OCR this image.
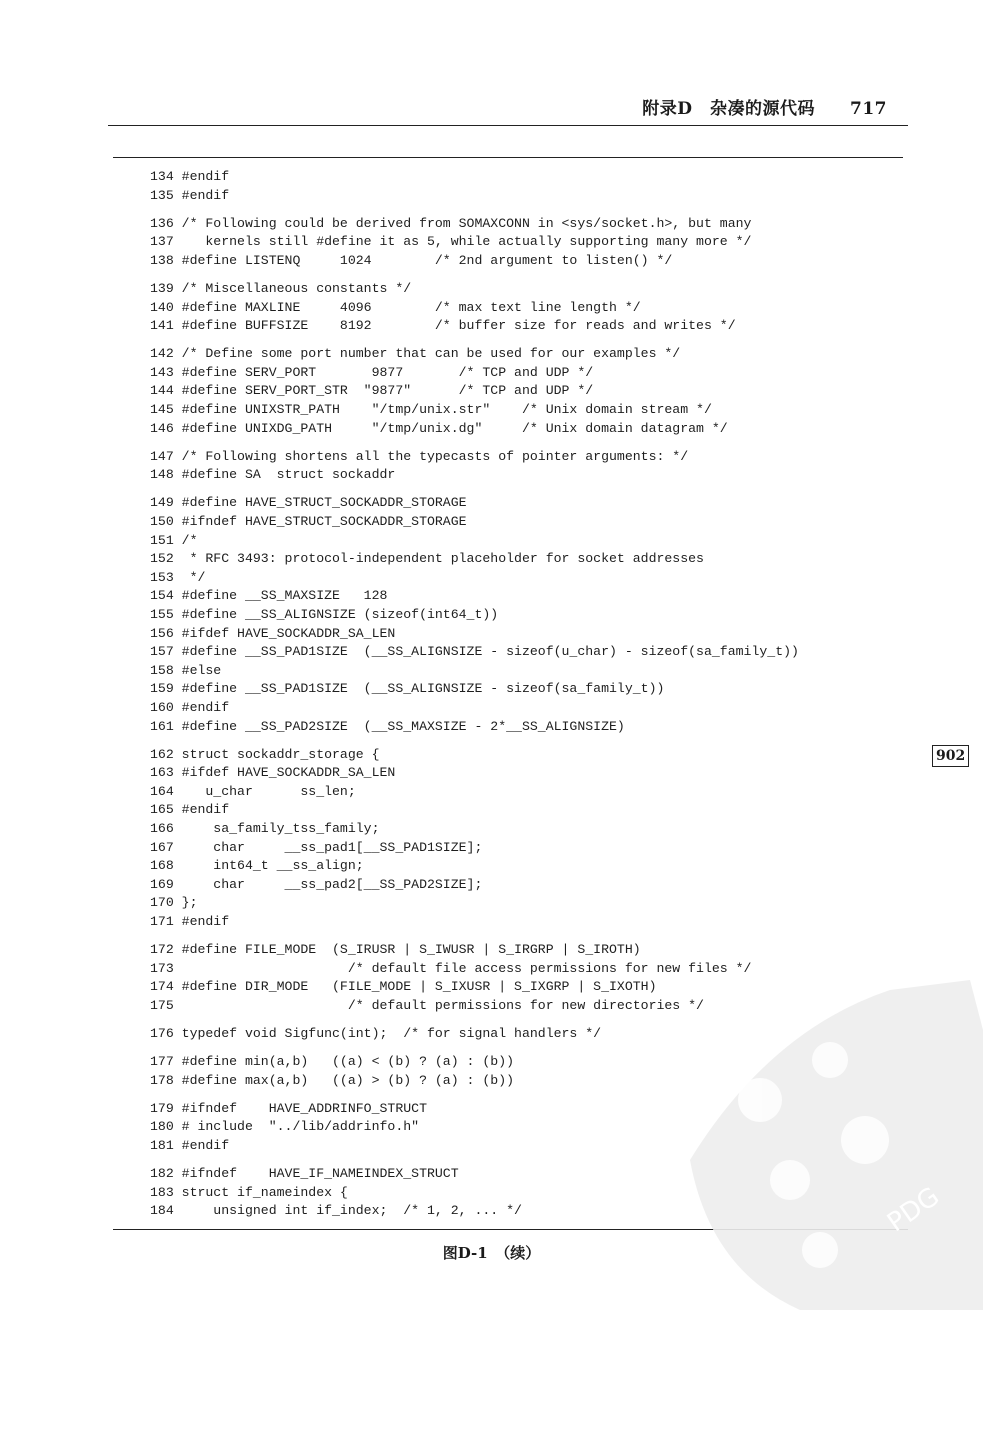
附录D　杂凑的源代码　　717
134 #endif
135 #endif
136 /* Following could be derived from SOMAXCONN in <sys/socket.h>, but many
137    kernels still #define it as 5, while actually supporting many more */
138 #define LISTENQ     1024        /* 2nd argument to listen() */
139 /* Miscellaneous constants */
140 #define MAXLINE     4096        /* max text line length */
141 #define BUFFSIZE    8192        /* buffer size for reads and writes */
142 /* Define some port number that can be used for our examples */
143 #define SERV_PORT       9877       /* TCP and UDP */
144 #define SERV_PORT_STR  "9877"      /* TCP and UDP */
145 #define UNIXSTR_PATH    "/tmp/unix.str"    /* Unix domain stream */
146 #define UNIXDG_PATH     "/tmp/unix.dg"     /* Unix domain datagram */
147 /* Following shortens all the typecasts of pointer arguments: */
148 #define SA  struct sockaddr
149 #define HAVE_STRUCT_SOCKADDR_STORAGE
150 #ifndef HAVE_STRUCT_SOCKADDR_STORAGE
151 /*
152  * RFC 3493: protocol-independent placeholder for socket addresses
153  */
154 #define __SS_MAXSIZE   128
155 #define __SS_ALIGNSIZE (sizeof(int64_t))
156 #ifdef HAVE_SOCKADDR_SA_LEN
157 #define __SS_PAD1SIZE  (__SS_ALIGNSIZE - sizeof(u_char) - sizeof(sa_family_t))
158 #else
159 #define __SS_PAD1SIZE  (__SS_ALIGNSIZE - sizeof(sa_family_t))
160 #endif
161 #define __SS_PAD2SIZE  (__SS_MAXSIZE - 2*__SS_ALIGNSIZE)
162 struct sockaddr_storage {
163 #ifdef HAVE_SOCKADDR_SA_LEN
164    u_char      ss_len;
165 #endif
166     sa_family_tss_family;
167     char     __ss_pad1[__SS_PAD1SIZE];
168     int64_t __ss_align;
169     char     __ss_pad2[__SS_PAD2SIZE];
170 };
171 #endif
172 #define FILE_MODE  (S_IRUSR | S_IWUSR | S_IRGRP | S_IROTH)
173                      /* default file access permissions for new files */
174 #define DIR_MODE   (FILE_MODE | S_IXUSR | S_IXGRP | S_IXOTH)
175                      /* default permissions for new directories */
176 typedef void Sigfunc(int);  /* for signal handlers */
177 #define min(a,b)   ((a) < (b) ? (a) : (b))
178 #define max(a,b)   ((a) > (b) ? (a) : (b))
179 #ifndef    HAVE_ADDRINFO_STRUCT
180 # include  "../lib/addrinfo.h"
181 #endif
182 #ifndef    HAVE_IF_NAMEINDEX_STRUCT
183 struct if_nameindex {
184     unsigned int if_index;  /* 1, 2, ... */
902
图D-1　（续）
PDG
